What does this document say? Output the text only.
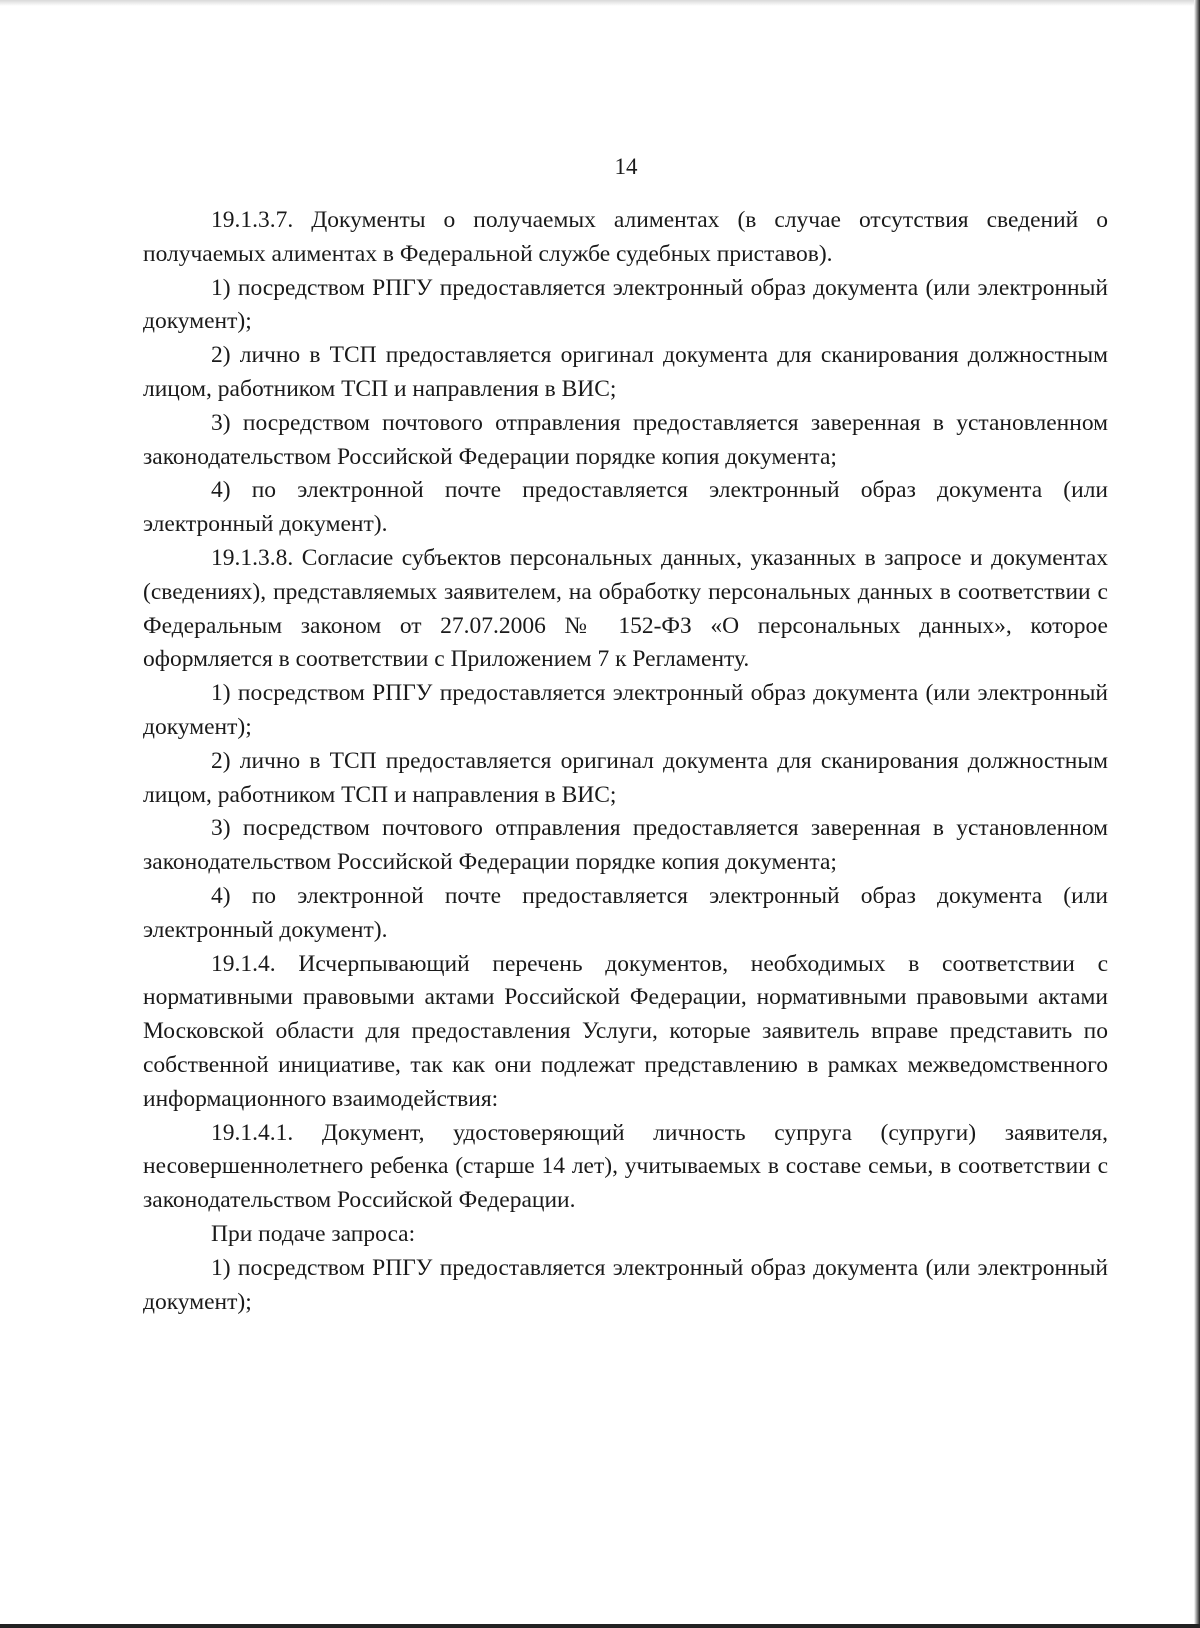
14

19.1.3.7. Документы о получаемых алиментах (в случае отсутствия сведений о получаемых алиментах в Федеральной службе судебных приставов).

1) посредством РПГУ предоставляется электронный образ документа (или электронный документ);

2) лично в ТСП предоставляется оригинал документа для сканирования должностным лицом, работником ТСП и направления в ВИС;

3) посредством почтового отправления предоставляется заверенная в установленном законодательством Российской Федерации порядке копия документа;

4) по электронной почте предоставляется электронный образ документа (или электронный документ).

19.1.3.8. Согласие субъектов персональных данных, указанных в запросе и документах (сведениях), представляемых заявителем, на обработку персональных данных в соответствии с Федеральным законом от 27.07.2006 № 152-ФЗ «О персональных данных», которое оформляется в соответствии с Приложением 7 к Регламенту.

1) посредством РПГУ предоставляется электронный образ документа (или электронный документ);

2) лично в ТСП предоставляется оригинал документа для сканирования должностным лицом, работником ТСП и направления в ВИС;

3) посредством почтового отправления предоставляется заверенная в установленном законодательством Российской Федерации порядке копия документа;

4) по электронной почте предоставляется электронный образ документа (или электронный документ).

19.1.4. Исчерпывающий перечень документов, необходимых в соответствии с нормативными правовыми актами Российской Федерации, нормативными правовыми актами Московской области для предоставления Услуги, которые заявитель вправе представить по собственной инициативе, так как они подлежат представлению в рамках межведомственного информационного взаимодействия:

19.1.4.1. Документ, удостоверяющий личность супруга (супруги) заявителя, несовершеннолетнего ребенка (старше 14 лет), учитываемых в составе семьи, в соответствии с законодательством Российской Федерации.

При подаче запроса:

1) посредством РПГУ предоставляется электронный образ документа (или электронный документ);
